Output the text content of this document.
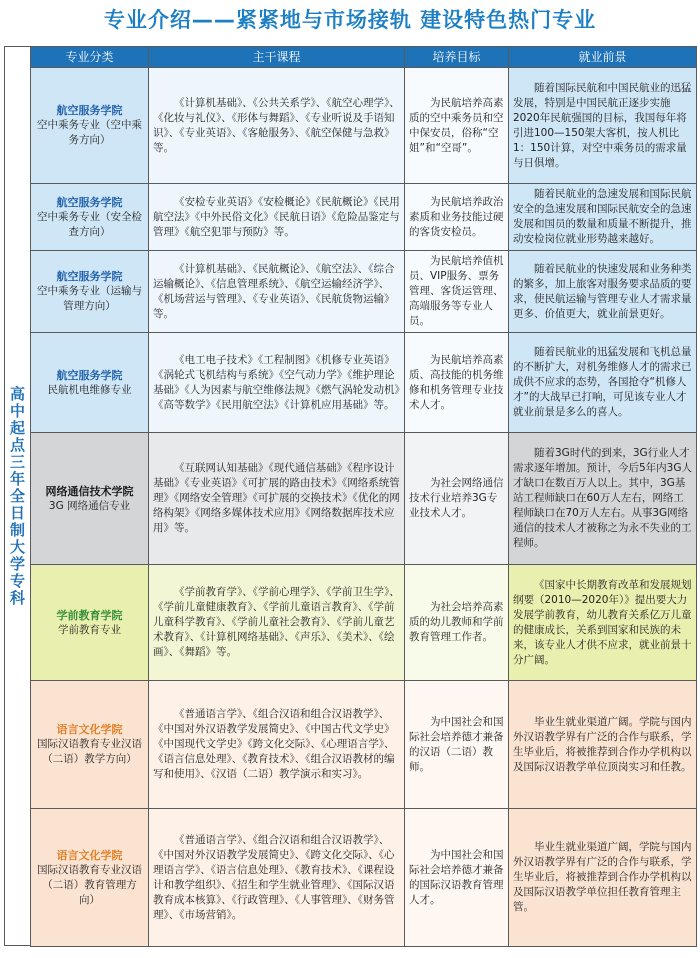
专业介绍——紧紧地与市场接轨 建设特色热门专业
高中起点三年全日制大学专科
专业分类	主干课程	培养目标	就业前景

航空服务学院
空中乘务专业（空中乘务方向）	《计算机基础》、《公共关系学》、《航空心理学》、《化妆与礼仪》、《形体与舞蹈》、《专业听说及手语知识》、《专业英语》、《客舱服务》、《航空保健与急救》等。	为民航培养高素质的空中乘务员和空中保安员，俗称“空姐”和“空哥”。	随着国际民航和中国民航业的迅猛发展，特别是中国民航正逐步实施2020年民航强国的目标，我国每年将引进100—150架大客机，按人机比1：150计算，对空中乘务员的需求量与日俱增。

航空服务学院
空中乘务专业（安全检查方向）	《安检专业英语》《安检概论》《民航概论》《民用航空法》《中外民俗文化》《民航日语》《危险品鉴定与管理》《航空犯罪与预防》等。	为民航培养政治素质和业务技能过硬的客货安检员。	随着民航业的急速发展和国际民航安全的急速发展和国际民航安全的急速发展和国员的数量和质量不断提升，推动安检岗位就业形势越来越好。

航空服务学院
空中乘务专业（运输与管理方向）	《计算机基础》、《民航概论》、《航空法》、《综合运输概论》、《信息管理系统》、《航空运输经济学》、《机场营运与管理》、《专业英语》、《民航货物运输》等。	为民航培养值机员、VIP服务、票务管理、客货运管理、高端服务等专业人员。	随着民航业的快速发展和业务种类的繁多，加上旅客对服务要求品质的要求，使民航运输与管理专业人才需求量更多、价值更大，就业前景更好。

航空服务学院
民航机电维修专业	《电工电子技术》《工程制图》《机修专业英语》《涡轮式飞机结构与系统》《空气动力学》《维护理论基础》《人为因素与航空维修法规》《燃气涡轮发动机》《高等数学》《民用航空法》《计算机应用基础》等。	为民航培养高素质、高技能的机务维修和机务管理专业技术人才。	随着民航业的迅猛发展和飞机总量的不断扩大，对机务维修人才的需求已成供不应求的态势，各国抢夺“机修人才”的大战早已打响，可见该专业人才就业前景是多么的喜人。

网络通信技术学院
3G 网络通信专业	《互联网认知基础》《现代通信基础》《程序设计基础》《专业英语》《可扩展的路由技术》《网络系统管理》《网络安全管理》《可扩展的交换技术》《优化的网络构架》《网络多媒体技术应用》《网络数据库技术应用》等。	为社会网络通信技术行业培养3G专业技术人才。	随着3G时代的到来，3G行业人才需求逐年增加。预计，今后5年内3G人才缺口在数百万人以上。其中，3G基站工程师缺口在60万人左右，网络工程师缺口在70万人左右。从事3G网络通信的技术人才被称之为永不失业的工程师。

学前教育学院
学前教育专业	《学前教育学》、《学前心理学》、《学前卫生学》、《学前儿童健康教育》、《学前儿童语言教育》、《学前儿童科学教育》、《学前儿童社会教育》、《学前儿童艺术教育》、《计算机网络基础》、《声乐》、《美术》、《绘画》、《舞蹈》等。	为社会培养高素质的幼儿教师和学前教育管理工作者。	《国家中长期教育改革和发展规划纲要（2010—2020年）》提出要大力发展学前教育，幼儿教育关系亿万儿童的健康成长，关系到国家和民族的未来，该专业人才供不应求，就业前景十分广阔。

语言文化学院
国际汉语教育专业汉语（二语）教学方向）	《普通语言学》、《组合汉语和组合汉语教学》、《中国对外汉语教学发展简史》、《中国古代文学史》《中国现代文学史》《跨文化交际》、《心理语言学》、《语言信息处理》、《教育技术》、《组合汉语教材的编写和使用》、《汉语（二语）教学演示和实习》。	为中国社会和国际社会培养德才兼备的汉语（二语）教师。	毕业生就业渠道广阔。学院与国内外汉语教学界有广泛的合作与联系，学生毕业后，将被推荐到合作办学机构以及国际汉语教学单位顶岗实习和任教。

语言文化学院
国际汉语教育专业汉语（二语）教育管理方向）	《普通语言学》、《组合汉语和组合汉语教学》、《中国对外汉语教学发展简史》、《跨文化交际》、《心理语言学》、《语言信息处理》、《教育技术》、《课程设计和教学组织》、《招生和学生就业管理》、《国际汉语教育成本核算》、《行政管理》、《人事管理》、《财务管理》、《市场营销》。	为中国社会和国际社会培养德才兼备的国际汉语教育管理人才。	毕业生就业渠道广阔，学院与国内外汉语教学界有广泛的合作与联系，学生毕业后，将被推荐到合作办学机构以及国际汉语教学单位担任教育管理主管。
